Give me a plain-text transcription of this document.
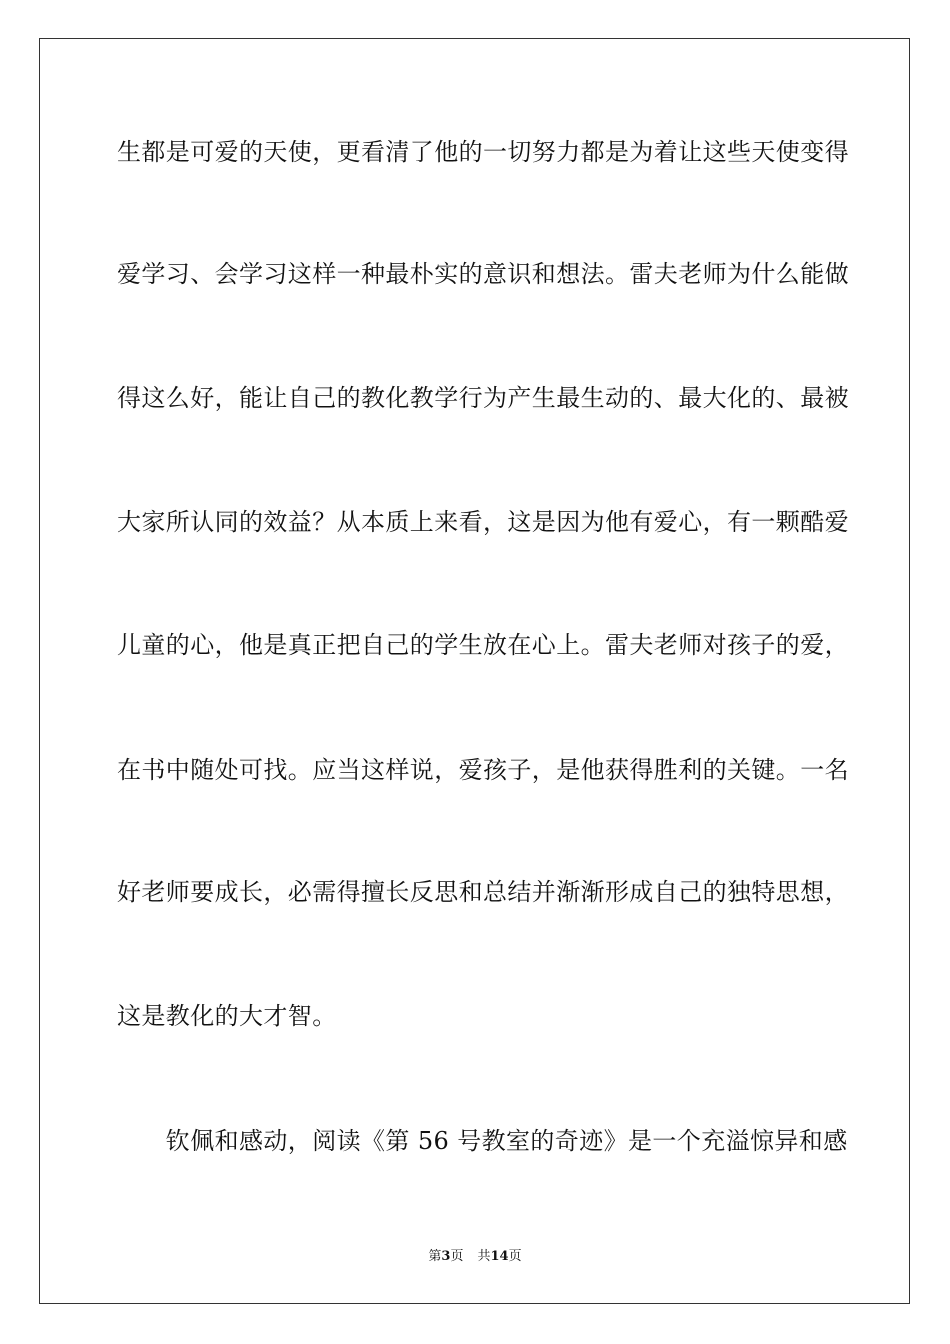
生都是可爱的天使，更看清了他的一切努力都是为着让这些天使变得
爱学习、会学习这样一种最朴实的意识和想法。雷夫老师为什么能做
得这么好，能让自己的教化教学行为产生最生动的、最大化的、最被
大家所认同的效益？从本质上来看，这是因为他有爱心，有一颗酷爱
儿童的心，他是真正把自己的学生放在心上。雷夫老师对孩子的爱，
在书中随处可找。应当这样说，爱孩子，是他获得胜利的关键。一名
好老师要成长，必需得擅长反思和总结并渐渐形成自己的独特思想，
这是教化的大才智。
　　钦佩和感动，阅读《第 56 号教室的奇迹》是一个充溢惊异和感
第3页 共14页
